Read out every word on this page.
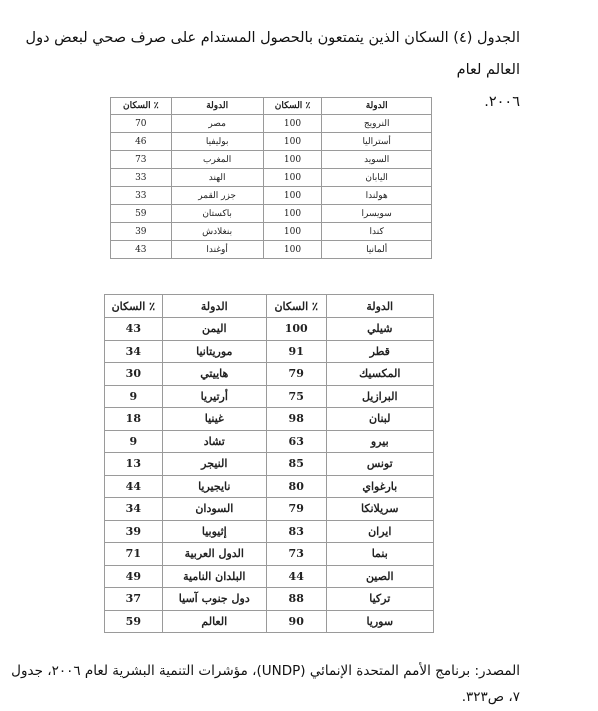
الجدول (٤) السكان الذين يتمتعون بالحصول المستدام على صرف صحي لبعض دول العالم لعام
٢٠٠٦.
السكان ٪	الدولة	السكان ٪	الدولة
70	مصر	100	النرويج
46	بوليفيا	100	أستراليا
73	المغرب	100	السويد
33	الهند	100	اليابان
33	جزر القمر	100	هولندا
59	باكستان	100	سويسرا
39	بنغلادش	100	كندا
43	أوغندا	100	ألمانيا
السكان ٪	الدولة	السكان ٪	الدولة
43	اليمن	100	شيلي
34	موريتانيا	91	قطر
30	هاييتي	79	المكسيك
9	أرتيريا	75	البرازيل
18	غينيا	98	لبنان
9	تشاد	63	بيرو
13	النيجر	85	تونس
44	نايجيريا	80	بارغواي
34	السودان	79	سريلانكا
39	إثيوبيا	83	ايران
71	الدول العربية	73	بنما
49	البلدان النامية	44	الصين
37	دول جنوب آسيا	88	تركيا
59	العالم	90	سوريا
المصدر: برنامج الأمم المتحدة الإنمائي (UNDP)، مؤشرات التنمية البشرية لعام ٢٠٠٦، جدول
٧، ص٣٢٣.
